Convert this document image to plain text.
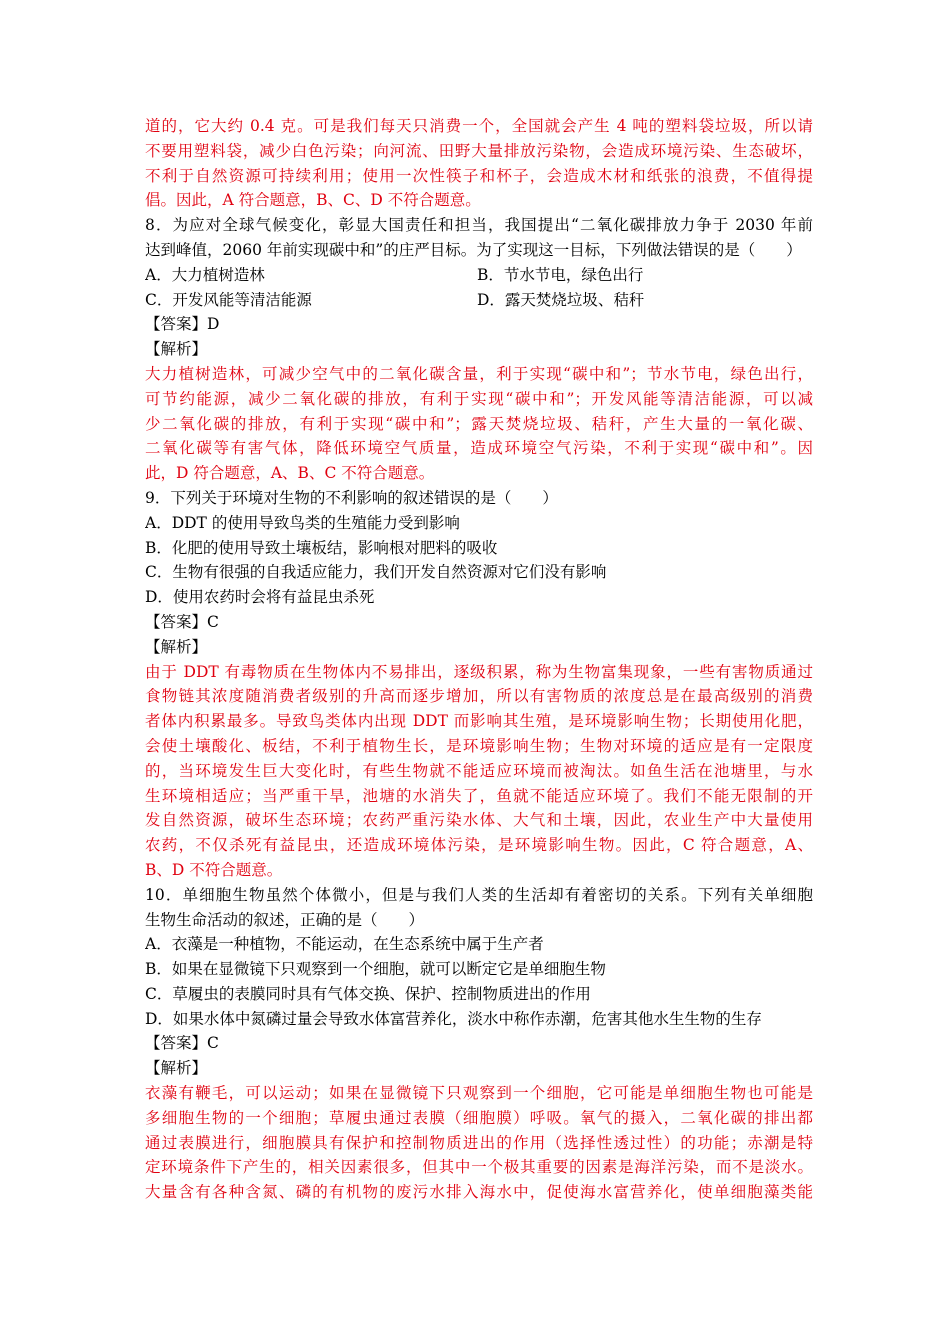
道的，它大约 0.4 克。可是我们每天只消费一个，全国就会产生 4 吨的塑料袋垃圾，所以请
不要用塑料袋，减少白色污染；向河流、田野大量排放污染物，会造成环境污染、生态破坏，
不利于自然资源可持续利用；使用一次性筷子和杯子，会造成木材和纸张的浪费，不值得提
倡。因此，A 符合题意，B、C、D 不符合题意。
8．为应对全球气候变化，彰显大国责任和担当，我国提出“二氧化碳排放力争于 2030 年前
达到峰值，2060 年前实现碳中和”的庄严目标。为了实现这一目标，下列做法错误的是（　　）
A．大力植树造林	B．节水节电，绿色出行
C．开发风能等清洁能源	D．露天焚烧垃圾、秸秆
【答案】D
【解析】
大力植树造林，可减少空气中的二氧化碳含量，利于实现“碳中和”；节水节电，绿色出行，
可节约能源，减少二氧化碳的排放，有利于实现“碳中和”；开发风能等清洁能源，可以减
少二氧化碳的排放，有利于实现“碳中和”；露天焚烧垃圾、秸秆，产生大量的一氧化碳、
二氧化碳等有害气体，降低环境空气质量，造成环境空气污染，不利于实现“碳中和”。因
此，D 符合题意，A、B、C 不符合题意。
9．下列关于环境对生物的不利影响的叙述错误的是（　　）
A．DDT 的使用导致鸟类的生殖能力受到影响
B．化肥的使用导致土壤板结，影响根对肥料的吸收
C．生物有很强的自我适应能力，我们开发自然资源对它们没有影响
D．使用农药时会将有益昆虫杀死
【答案】C
【解析】
由于 DDT 有毒物质在生物体内不易排出，逐级积累，称为生物富集现象，一些有害物质通过
食物链其浓度随消费者级别的升高而逐步增加，所以有害物质的浓度总是在最高级别的消费
者体内积累最多。导致鸟类体内出现 DDT 而影响其生殖，是环境影响生物；长期使用化肥，
会使土壤酸化、板结，不利于植物生长，是环境影响生物；生物对环境的适应是有一定限度
的，当环境发生巨大变化时，有些生物就不能适应环境而被淘汰。如鱼生活在池塘里，与水
生环境相适应；当严重干旱，池塘的水消失了，鱼就不能适应环境了。我们不能无限制的开
发自然资源，破坏生态环境；农药严重污染水体、大气和土壤，因此，农业生产中大量使用
农药，不仅杀死有益昆虫，还造成环境体污染，是环境影响生物。因此，C 符合题意，A、
B、D 不符合题意。
10．单细胞生物虽然个体微小，但是与我们人类的生活却有着密切的关系。下列有关单细胞
生物生命活动的叙述，正确的是（　　）
A．衣藻是一种植物，不能运动，在生态系统中属于生产者
B．如果在显微镜下只观察到一个细胞，就可以断定它是单细胞生物
C．草履虫的表膜同时具有气体交换、保护、控制物质进出的作用
D．如果水体中氮磷过量会导致水体富营养化，淡水中称作赤潮，危害其他水生生物的生存
【答案】C
【解析】
衣藻有鞭毛，可以运动；如果在显微镜下只观察到一个细胞，它可能是单细胞生物也可能是
多细胞生物的一个细胞；草履虫通过表膜（细胞膜）呼吸。氧气的摄入，二氧化碳的排出都
通过表膜进行，细胞膜具有保护和控制物质进出的作用（选择性透过性）的功能；赤潮是特
定环境条件下产生的，相关因素很多，但其中一个极其重要的因素是海洋污染，而不是淡水。
大量含有各种含氮、磷的有机物的废污水排入海水中，促使海水富营养化，使单细胞藻类能
